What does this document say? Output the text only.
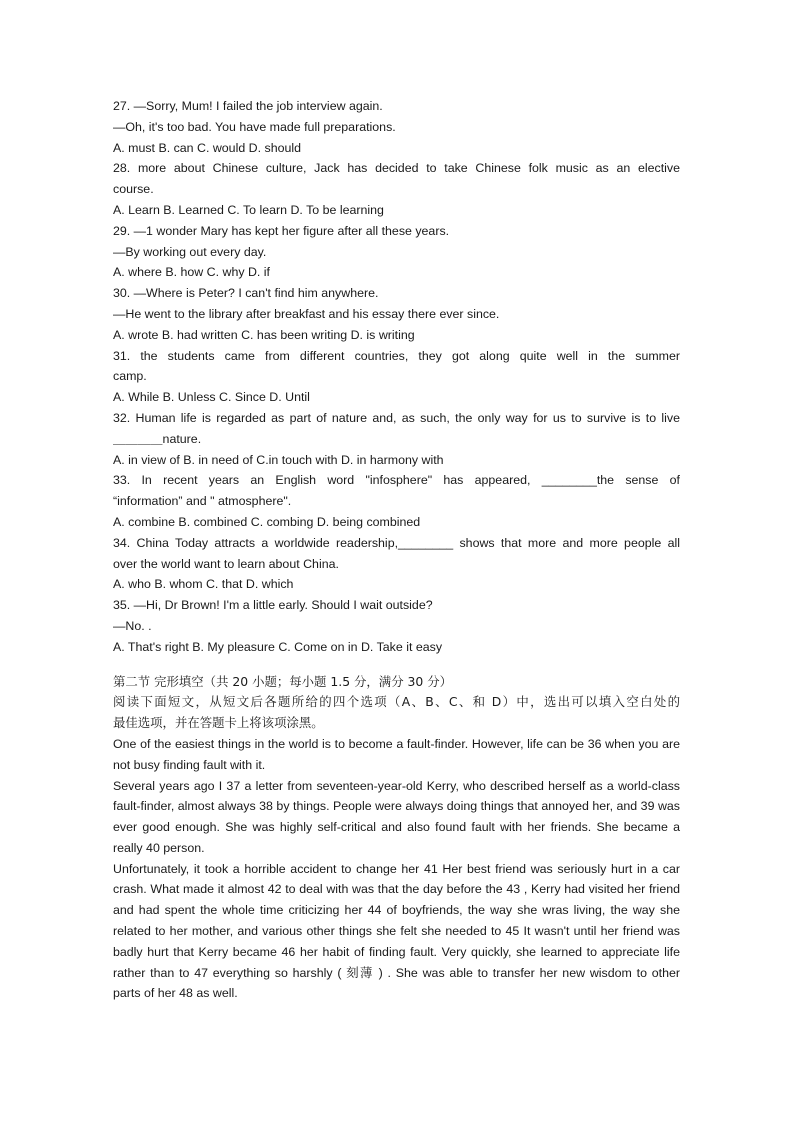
27. —Sorry, Mum! I failed the job interview again.
—Oh, it's too bad. You have made full preparations.
A. must B. can C. would D. should
28. more about Chinese culture, Jack has decided to take Chinese folk music as an elective
course.
A. Learn B. Learned C. To learn D. To be learning
29. —1 wonder Mary has kept her figure after all these years.
—By working out every day.
A. where B. how C. why D. if
30. —Where is Peter? I can't find him anywhere.
—He went to the library after breakfast and his essay there ever since.
A. wrote B. had written C. has been writing D. is writing
31. the students came from different countries, they got along quite well in the summer
camp.
A. While B. Unless C. Since D. Until
32. Human life is regarded as part of nature and, as such, the only way for us to survive is to live
＿＿＿＿nature.
A. in view of B. in need of C.in touch with D. in harmony with
33. In recent years an English word "infosphere" has appeared, ________the sense of
“information” and " atmosphere".
A. combine B. combined C. combing D. being combined
34. China Today attracts a worldwide readership,________ shows that more and more people all
over the world want to learn about China.
A. who B. whom C. that D. which
35. —Hi, Dr Brown! I'm a little early. Should I wait outside?
—No. .
A. That's right B. My pleasure C. Come on in D. Take it easy
第二节 完形填空（共 20 小题；每小题 1.5 分，满分 30 分）
阅读下面短文，从短文后各题所给的四个选项（A、B、C、和 D）中，选出可以填入空白处的
最佳选项，并在答题卡上将该项涂黑。
One of the easiest things in the world is to become a fault-finder. However, life can be 36 when you are not busy finding fault with it.
Several years ago I 37 a letter from seventeen-year-old Kerry, who described herself as a world-class fault-finder, almost always 38 by things. People were always doing things that annoyed her, and 39 was ever good enough. She was highly self-critical and also found fault with her friends. She became a really 40 person.
Unfortunately, it took a horrible accident to change her 41 Her best friend was seriously hurt in a car crash. What made it almost 42 to deal with was that the day before the 43 , Kerry had visited her friend and had spent the whole time criticizing her 44 of boyfriends, the way she wras living, the way she related to her mother, and various other things she felt she needed to 45 It wasn't until her friend was badly hurt that Kerry became 46 her habit of finding fault. Very quickly, she learned to appreciate life rather than to 47 everything so harshly ( 刻薄 ) . She was able to transfer her new wisdom to other parts of her 48 as well.
